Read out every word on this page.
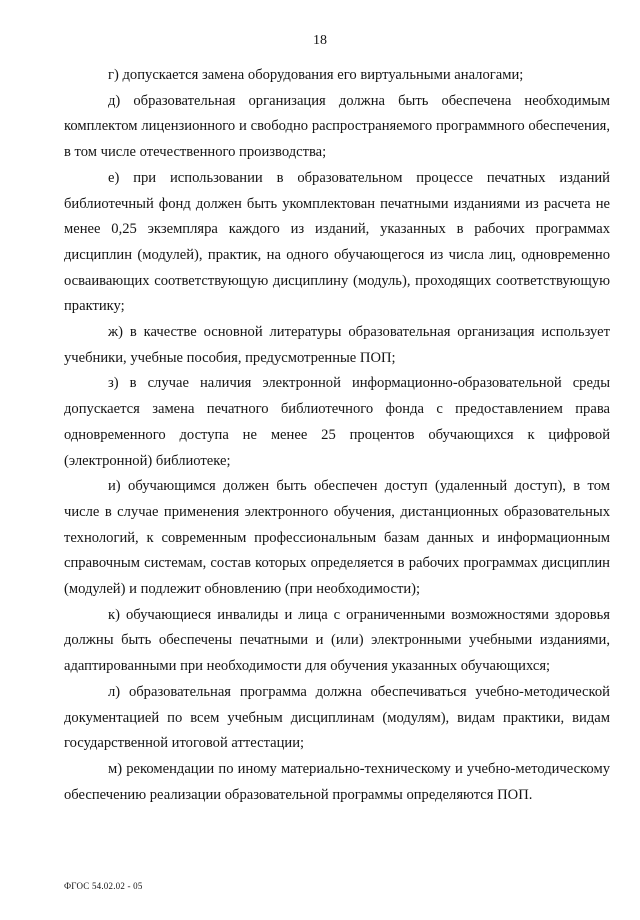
18

г) допускается замена оборудования его виртуальными аналогами;

д) образовательная организация должна быть обеспечена необходимым комплектом лицензионного и свободно распространяемого программного обеспечения, в том числе отечественного производства;

е) при использовании в образовательном процессе печатных изданий библиотечный фонд должен быть укомплектован печатными изданиями из расчета не менее 0,25 экземпляра каждого из изданий, указанных в рабочих программах дисциплин (модулей), практик, на одного обучающегося из числа лиц, одновременно осваивающих соответствующую дисциплину (модуль), проходящих соответствующую практику;

ж) в качестве основной литературы образовательная организация использует учебники, учебные пособия, предусмотренные ПОП;

з) в случае наличия электронной информационно-образовательной среды допускается замена печатного библиотечного фонда с предоставлением права одновременного доступа не менее 25 процентов обучающихся к цифровой (электронной) библиотеке;

и) обучающимся должен быть обеспечен доступ (удаленный доступ), в том числе в случае применения электронного обучения, дистанционных образовательных технологий, к современным профессиональным базам данных и информационным справочным системам, состав которых определяется в рабочих программах дисциплин (модулей) и подлежит обновлению (при необходимости);

к) обучающиеся инвалиды и лица с ограниченными возможностями здоровья должны быть обеспечены печатными и (или) электронными учебными изданиями, адаптированными при необходимости для обучения указанных обучающихся;

л) образовательная программа должна обеспечиваться учебно-методической документацией по всем учебным дисциплинам (модулям), видам практики, видам государственной итоговой аттестации;

м) рекомендации по иному материально-техническому и учебно-методическому обеспечению реализации образовательной программы определяются ПОП.

ФГОС 54.02.02 - 05
